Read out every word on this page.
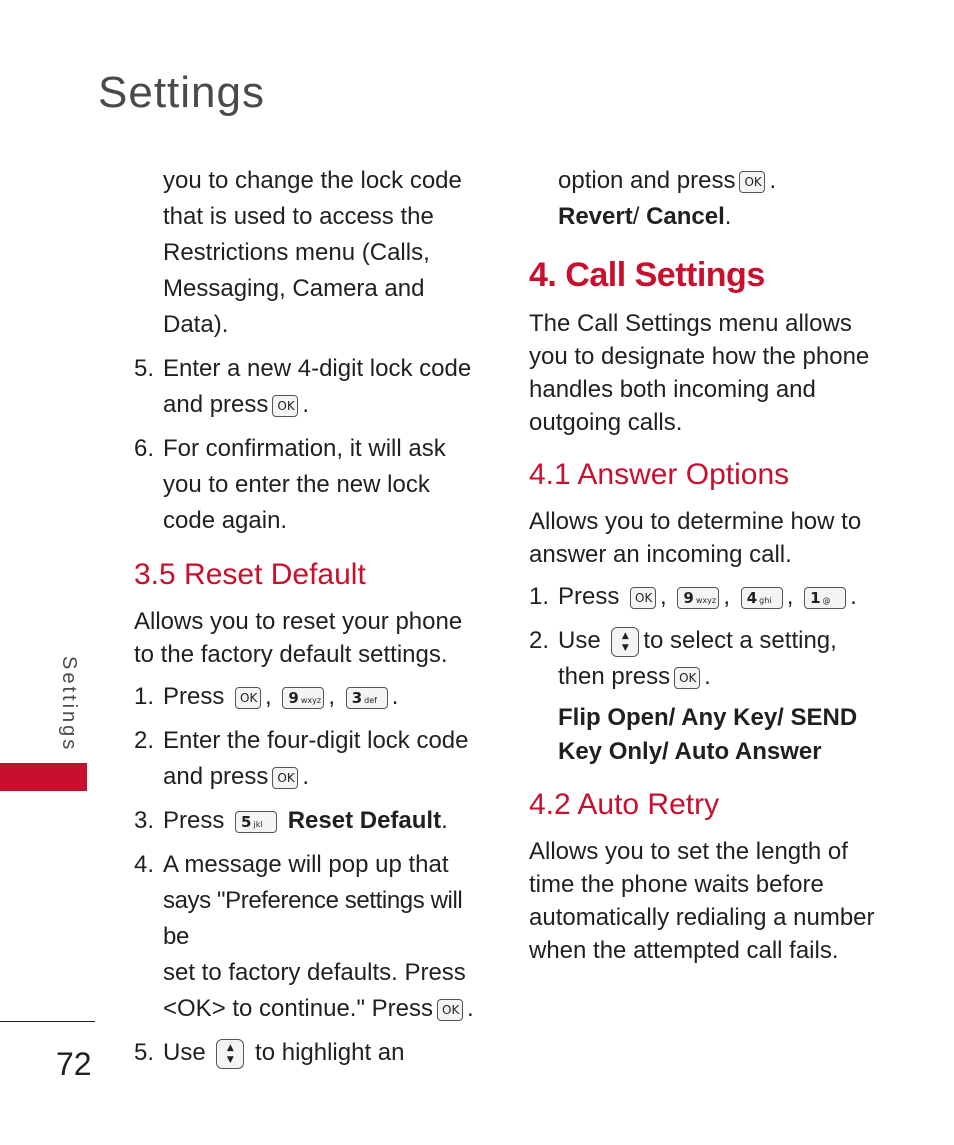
Settings
Settings
72

you to change the lock code

that is used to access the

Restrictions menu (Calls,

Messaging, Camera and Data).

5. Enter a new 4-digit lock code

and press OK .

6. For confirmation, it will ask

you to enter the new lock

code again.

3.5 Reset Default

Allows you to reset your phone

to the factory default settings.

1. Press OK , 9 wxyz , 3 def .

2. Enter the four-digit lock code

and press OK .

3. Press 5 jkl Reset Default.

4. A message will pop up that

says "Preference settings will be

set to factory defaults. Press

<OK> to continue." Press OK .

5. Use ▲
▼ to highlight an

option and press OK .

Revert/ Cancel.

4. Call Settings

The Call Settings menu allows

you to designate how the phone

handles both incoming and

outgoing calls.

4.1 Answer Options

Allows you to determine how to

answer an incoming call.

1. Press OK , 9 wxyz , 4 ghi , 1 @ .

2. Use ▲
▼ to select a setting,

then press OK .

Flip Open/ Any Key/ SEND

Key Only/ Auto Answer

4.2 Auto Retry

Allows you to set the length of

time the phone waits before

automatically redialing a number

when the attempted call fails.
